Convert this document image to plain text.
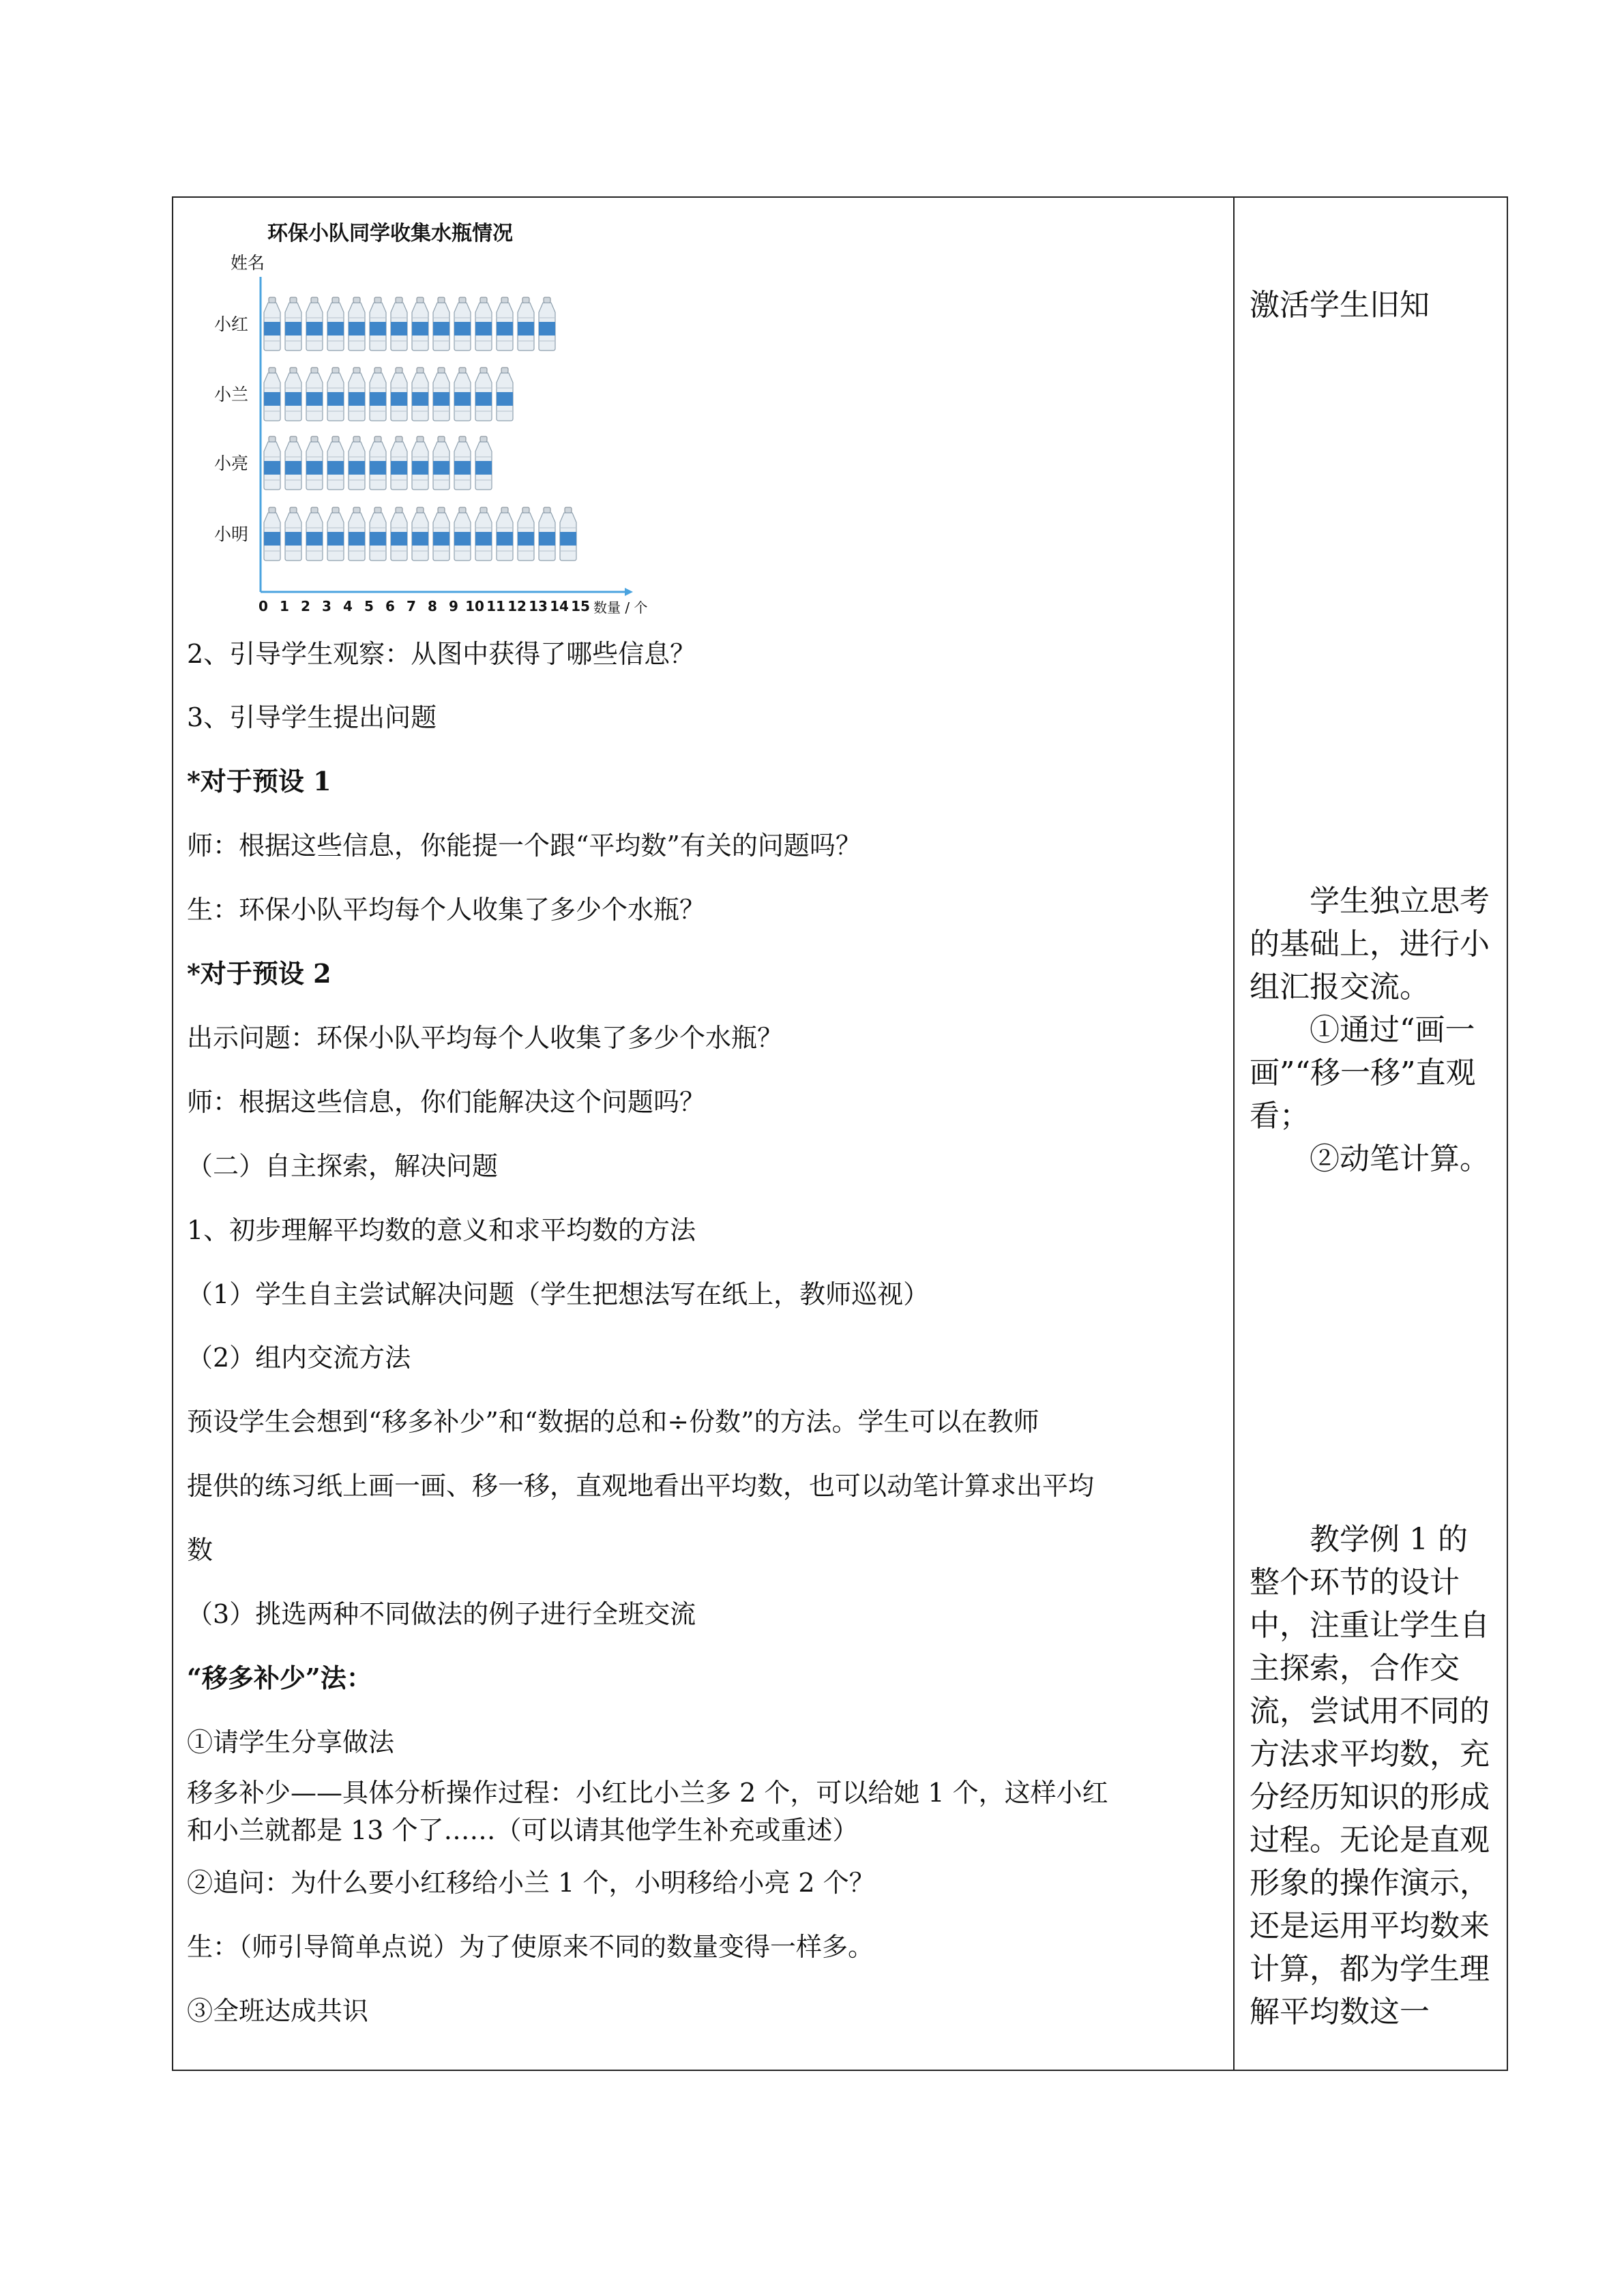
环保小队同学收集水瓶情况
姓名
数量 / 个
小红
小兰
小亮
小明
0 1 2 3 4 5 6 7 8 9 10 11 12 13 14 15
2、引导学生观察：从图中获得了哪些信息？
3、引导学生提出问题
*对于预设 1
师：根据这些信息，你能提一个跟“平均数”有关的问题吗？
生：环保小队平均每个人收集了多少个水瓶？
*对于预设 2
出示问题：环保小队平均每个人收集了多少个水瓶？
师：根据这些信息，你们能解决这个问题吗？
（二）自主探索，解决问题
1、初步理解平均数的意义和求平均数的方法
（1）学生自主尝试解决问题（学生把想法写在纸上，教师巡视）
（2）组内交流方法
预设学生会想到“移多补少”和“数据的总和÷份数”的方法。学生可以在教师
提供的练习纸上画一画、移一移，直观地看出平均数，也可以动笔计算求出平均
数
（3）挑选两种不同做法的例子进行全班交流
“移多补少”法：
①请学生分享做法
移多补少——具体分析操作过程：小红比小兰多 2 个，可以给她 1 个，这样小红
和小兰就都是 13 个了……（可以请其他学生补充或重述）
②追问：为什么要小红移给小兰 1 个，小明移给小亮 2 个？
生：（师引导简单点说）为了使原来不同的数量变得一样多。
③全班达成共识

激活学生旧知

学生独立思考的基础上，进行小组汇报交流。

①通过“画一画”“移一移”直观看；

②动笔计算。

教学例 1 的整个环节的设计中，注重让学生自主探索，合作交流，尝试用不同的方法求平均数，充分经历知识的形成过程。无论是直观形象的操作演示，还是运用平均数来计算，都为学生理解平均数这一
